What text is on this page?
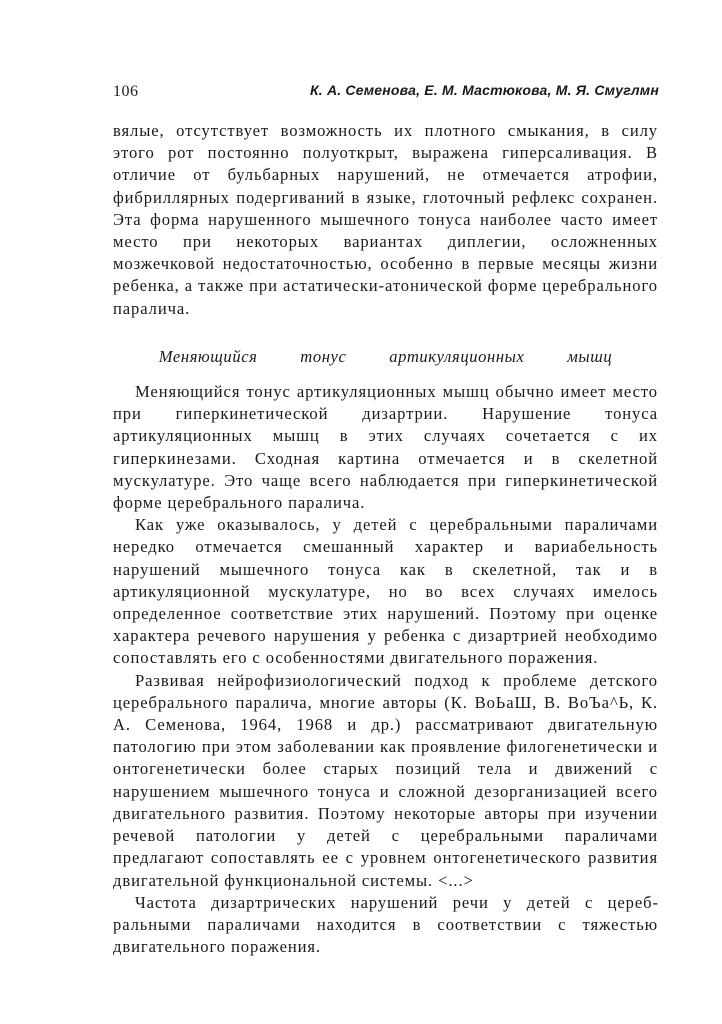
106	К. А. Семенова, Е. М. Мастюкова, М. Я. Смуглмн

вялые, отсутствует возможность их плотного смыкания, в силу этого рот постоянно полуоткрыт, выражена гиперсаливация. В отличие от бульбарных нарушений, не отмечается атрофии, фибриллярных подергиваний в языке, глоточный рефлекс сохранен. Эта форма нарушенного мышечного тонуса наиболее часто имеет место при некоторых вариантах диплегии, осложненных мозжечковой недостаточностью, особенно в первые месяцы жизни ребенка, а также при астатически-атонической форме церебрального паралича.

Меняющийся тонус артикуляционных мышц

Меняющийся тонус артикуляционных мышц обычно имеет место при гиперкинетической дизартрии. Нарушение тонуса артикуляционных мышц в этих случаях сочетается с их гиперкинезами. Сходная картина отмечается и в скелетной мускулатуре. Это чаще всего наблюдается при гиперкинетической форме церебрального паралича.

Как уже оказывалось, у детей с церебральными параличами нередко отмечается смешанный характер и вариабельность нарушений мышечного тонуса как в скелетной, так и в артикуляционной мускулатуре, но во всех случаях имелось определенное соответствие этих нарушений. Поэтому при оценке характера речевого нарушения у ребенка с дизартрией необходимо сопоставлять его с особенностями двигательного поражения.

Развивая нейрофизиологический подход к проблеме детского церебрального паралича, многие авторы (К. ВоЬаШ, В. ВоЪа^Ь, К. А. Семенова, 1964, 1968 и др.) рассматривают двигательную патологию при этом заболевании как проявление филогенетически и онтогенетически более старых позиций тела и движений с нарушением мышечного тонуса и сложной дезорганизацией всего двигательного развития. Поэтому некоторые авторы при изучении речевой патологии у детей с церебральными параличами предлагают сопоставлять ее с уровнем онтогенетического развития двигательной функциональной системы. <...>

Частота дизартрических нарушений речи у детей с церебральными параличами находится в соответствии с тяжестью двигательного поражения.
